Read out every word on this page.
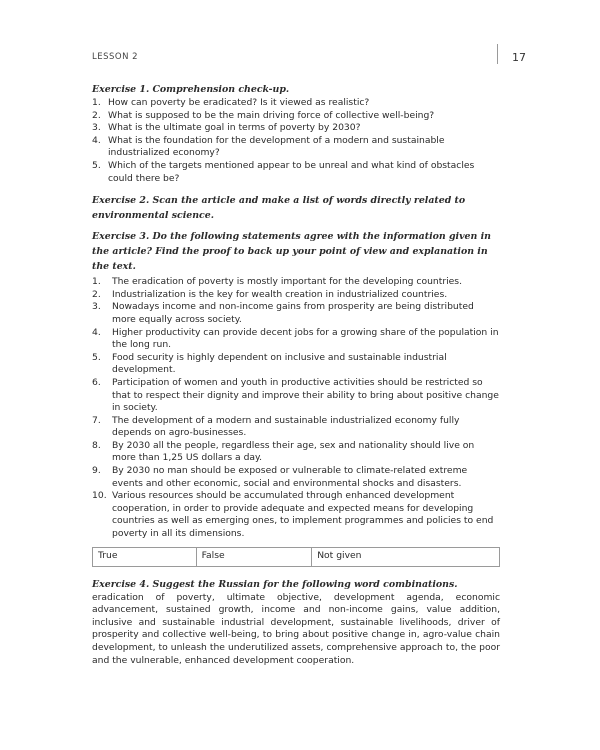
LESSON 2	17
Exercise 1. Comprehension check-up.
1. How can poverty be eradicated? Is it viewed as realistic?
2. What is supposed to be the main driving force of collective well-being?
3. What is the ultimate goal in terms of poverty by 2030?
4. What is the foundation for the development of a modern and sustainable industrialized economy?
5. Which of the targets mentioned appear to be unreal and what kind of obstacles could there be?
Exercise 2. Scan the article and make a list of words directly related to environmental science.
Exercise 3. Do the following statements agree with the information given in the article? Find the proof to back up your point of view and explanation in the text.
1.	The eradication of poverty is mostly important for the developing countries.
2.	Industrialization is the key for wealth creation in industrialized countries.
3.	Nowadays income and non-income gains from prosperity are being distributed more equally across society.
4.	Higher productivity can provide decent jobs for a growing share of the population in the long run.
5.	Food security is highly dependent on inclusive and sustainable industrial development.
6.	Participation of women and youth in productive activities should be restricted so that to respect their dignity and improve their ability to bring about positive change in society.
7.	The development of a modern and sustainable industrialized economy fully depends on agro-businesses.
8.	By 2030 all the people, regardless their age, sex and nationality should live on more than 1,25 US dollars a day.
9.	By 2030 no man should be exposed or vulnerable to climate-related extreme events and other economic, social and environmental shocks and disasters.
10. Various resources should be accumulated through enhanced development cooperation, in order to provide adequate and expected means for developing countries as well as emerging ones, to implement programmes and policies to end poverty in all its dimensions.
True	False	Not given
Exercise 4. Suggest the Russian for the following word combinations.

eradication of poverty, ultimate objective, development agenda, economic advancement, sustained growth, income and non-income gains, value addition, inclusive and sustainable industrial development, sustainable livelihoods, driver of prosperity and collective well-being, to bring about positive change in, agro-value chain development, to unleash the underutilized assets, comprehensive approach to, the poor and the vulnerable, enhanced development cooperation.
